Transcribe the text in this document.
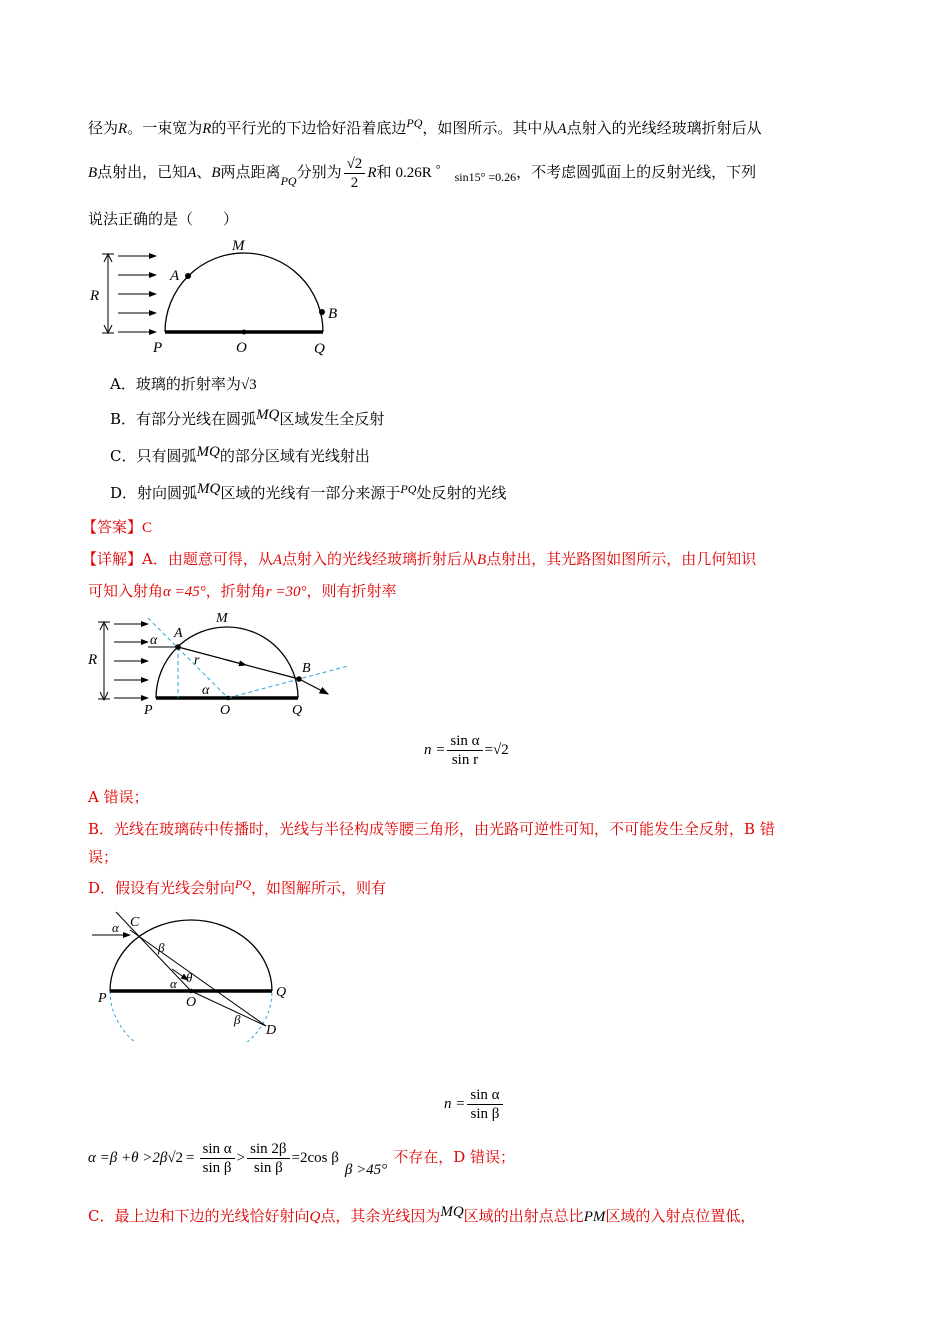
径为R。一束宽为R的平行光的下边恰好沿着底边$^{PQ}$，如图所示。其中从A点射入的光线经玻璃折射后从
B点射出，已知A、B两点距离$_{PQ}$分别为 $\frac{√2}{2}$ R和 0.26R °$_{sin15^\circ =0.26}$，不考虑圆弧面上的反射光线，下列
说法正确的是（　　）
R
M
A
B
P	O	Q
A．玻璃的折射率为√3
B．有部分光线在圆弧MQ区域发生全反射
C．只有圆弧MQ的部分区域有光线射出
D．射向圆弧MQ区域的光线有一部分来源于$^{PQ}$处反射的光线
【答案】C
【详解】A．由题意可得，从A点射入的光线经玻璃折射后从B点射出，其光路图如图所示，由几何知识
可知入射角α =45°，折射角r =30°，则有折射率
R
M
A
α
r
α
B
P	O	Q
$n = \frac{\text{sin α}}{\text{sin r}} =√2$
A 错误；
B．光线在玻璃砖中传播时，光线与半径构成等腰三角形，由光路可逆性可知，不可能发生全反射，B 错
误；
D．假设有光线会射向$^{PQ}$，如图解所示，则有
C
α
β
θ
α
P	O
Q
β
D
$n = \frac{\text{sin α}}{\text{sin β}}$
$\alpha =\beta +\theta >2\beta√2 = \frac{\text{sin α}}{\text{sin β}} > \frac{\sin 2\beta}{\text{sin β}} =2\cos$ ββ >45°不存在，D 错误；
C．最上边和下边的光线恰好射向Q点，其余光线因为MQ区域的出射点总比PM区域的入射点位置低，
